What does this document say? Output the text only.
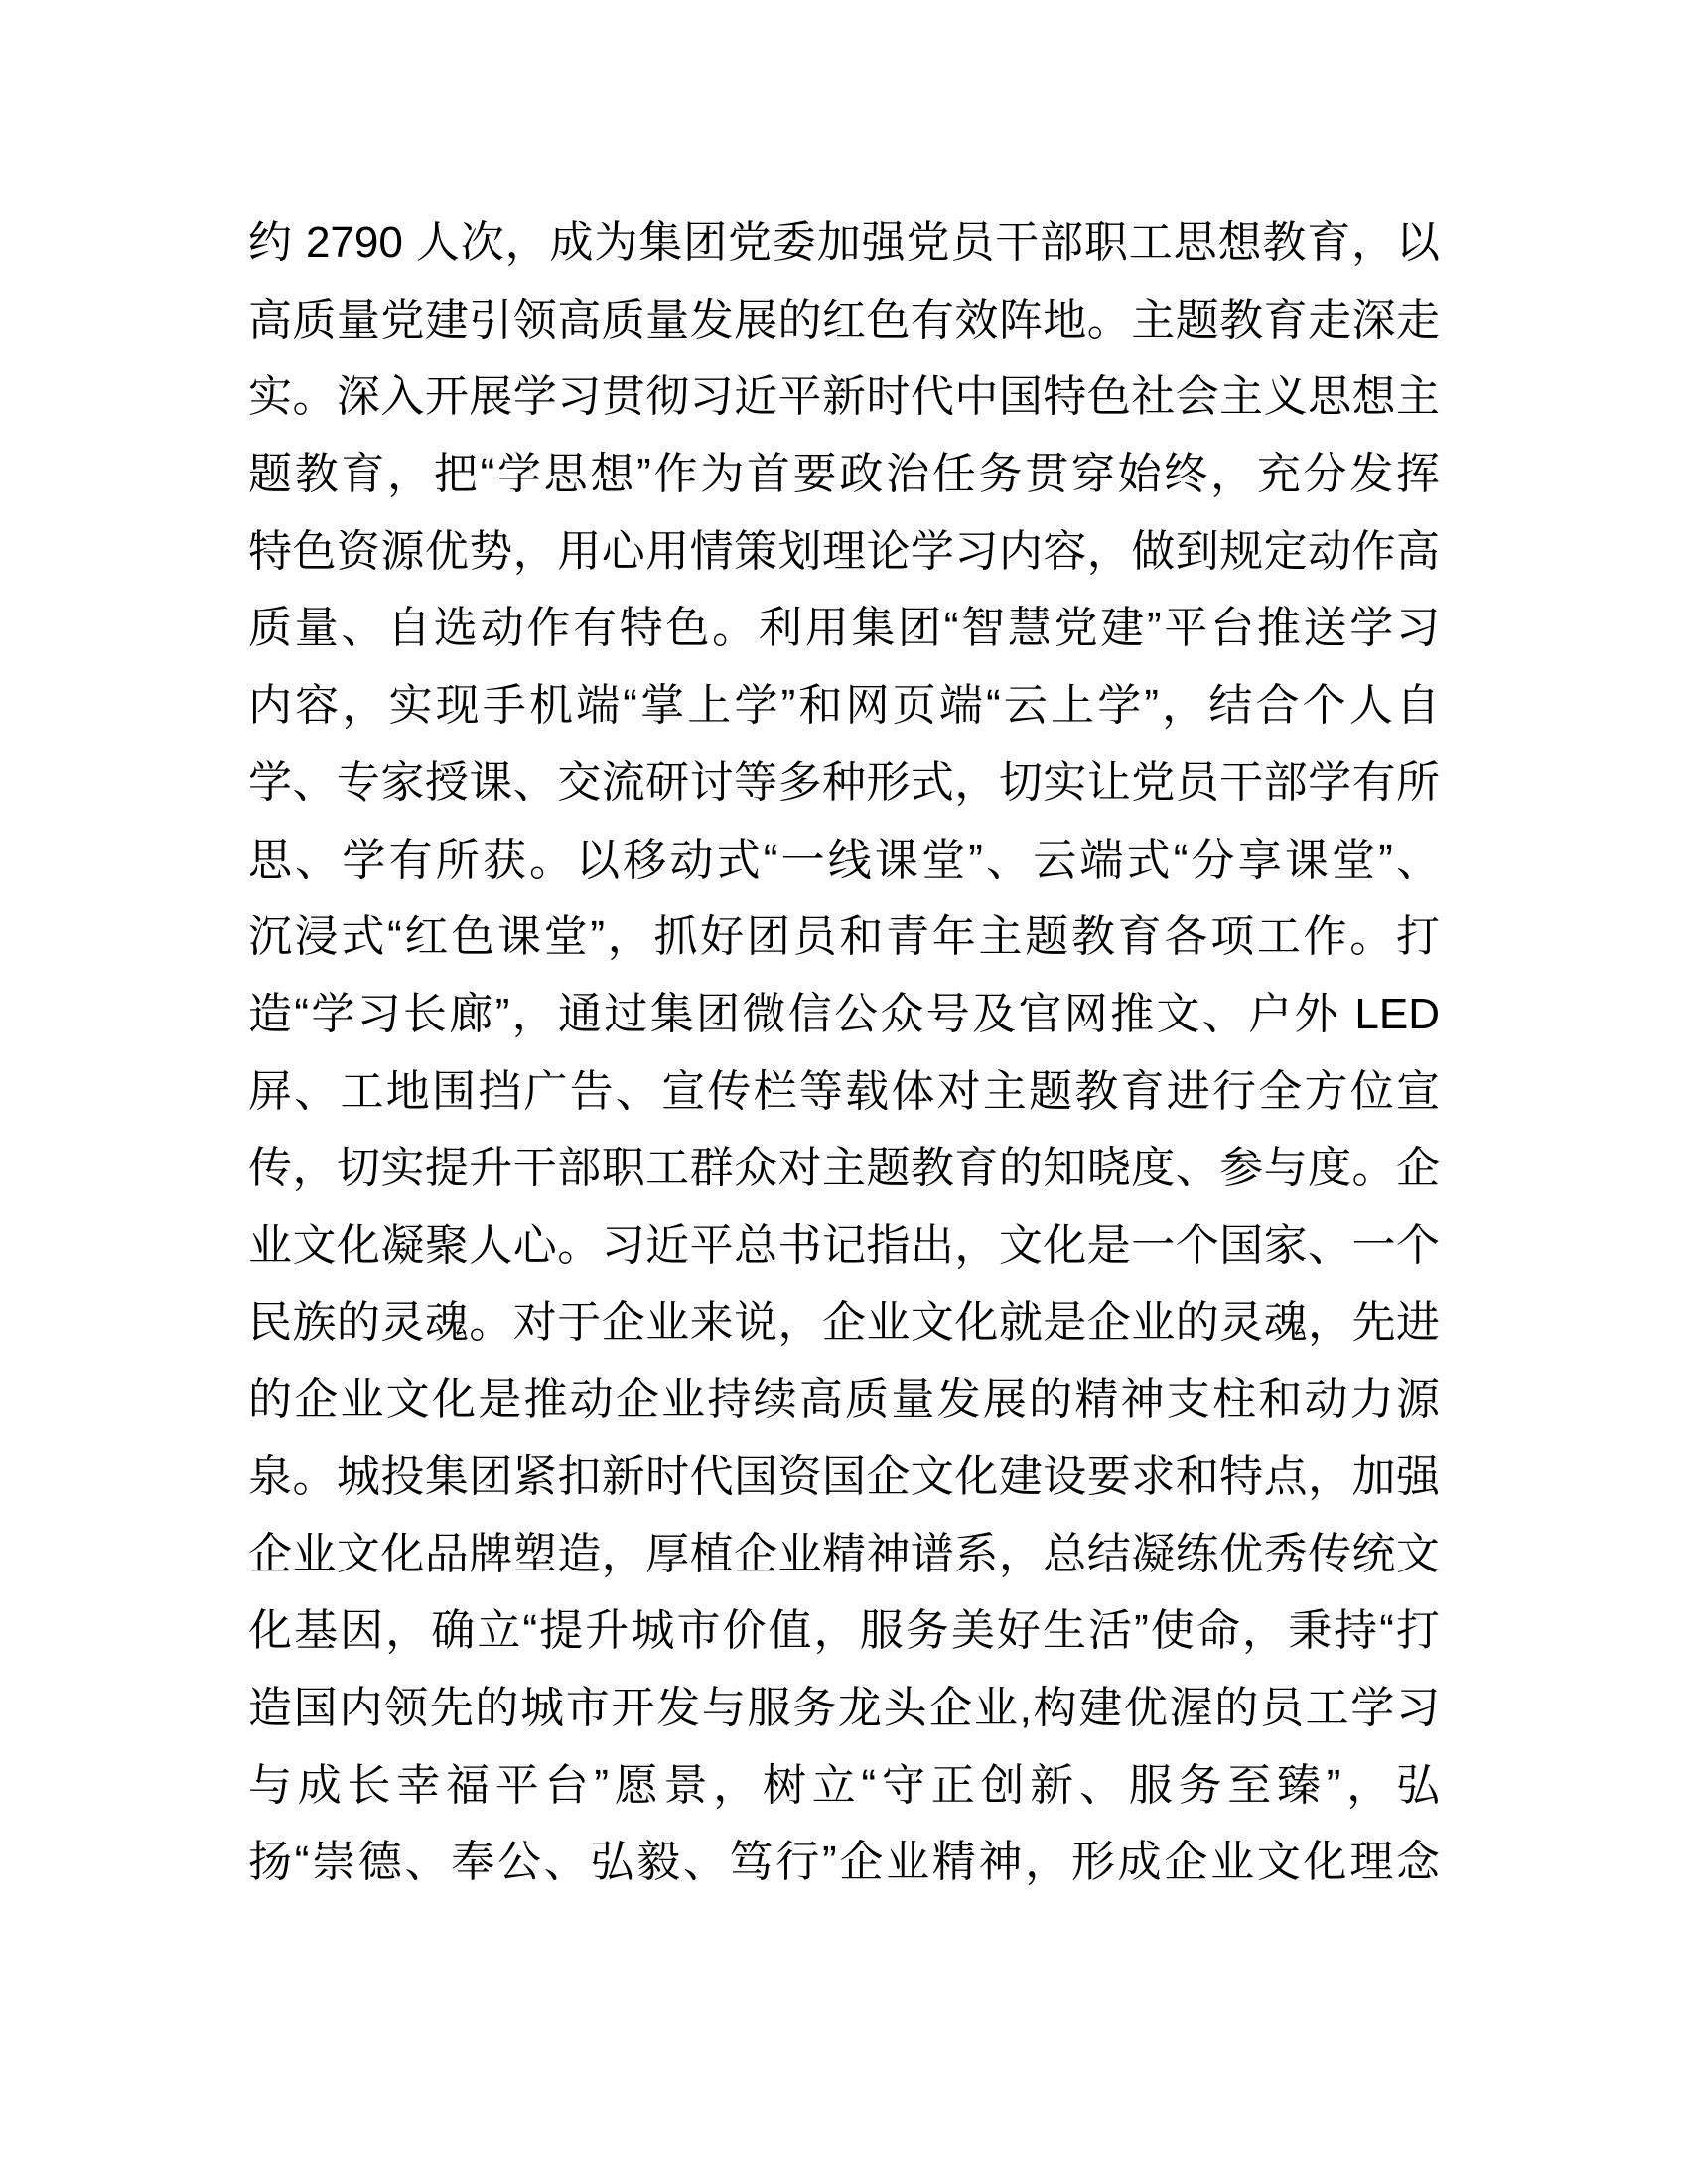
约 2790 人次，成为集团党委加强党员干部职工思想教育，以
高质量党建引领高质量发展的红色有效阵地。主题教育走深走
实。深入开展学习贯彻习近平新时代中国特色社会主义思想主
题教育，把“学思想”作为首要政治任务贯穿始终，充分发挥
特色资源优势，用心用情策划理论学习内容，做到规定动作高
质量、自选动作有特色。利用集团“智慧党建”平台推送学习
内容，实现手机端“掌上学”和网页端“云上学”，结合个人自
学、专家授课、交流研讨等多种形式，切实让党员干部学有所
思、学有所获。以移动式“一线课堂”、云端式“分享课堂”、
沉浸式“红色课堂”，抓好团员和青年主题教育各项工作。打
造“学习长廊”，通过集团微信公众号及官网推文、户外 LED
屏、工地围挡广告、宣传栏等载体对主题教育进行全方位宣
传，切实提升干部职工群众对主题教育的知晓度、参与度。企
业文化凝聚人心。习近平总书记指出，文化是一个国家、一个
民族的灵魂。对于企业来说，企业文化就是企业的灵魂，先进
的企业文化是推动企业持续高质量发展的精神支柱和动力源
泉。城投集团紧扣新时代国资国企文化建设要求和特点，加强
企业文化品牌塑造，厚植企业精神谱系，总结凝练优秀传统文
化基因，确立“提升城市价值，服务美好生活”使命，秉持“打
造国内领先的城市开发与服务龙头企业,构建优渥的员工学习
与成长幸福平台”愿景，树立“守正创新、服务至臻”，弘
扬“崇德、奉公、弘毅、笃行”企业精神，形成企业文化理念
